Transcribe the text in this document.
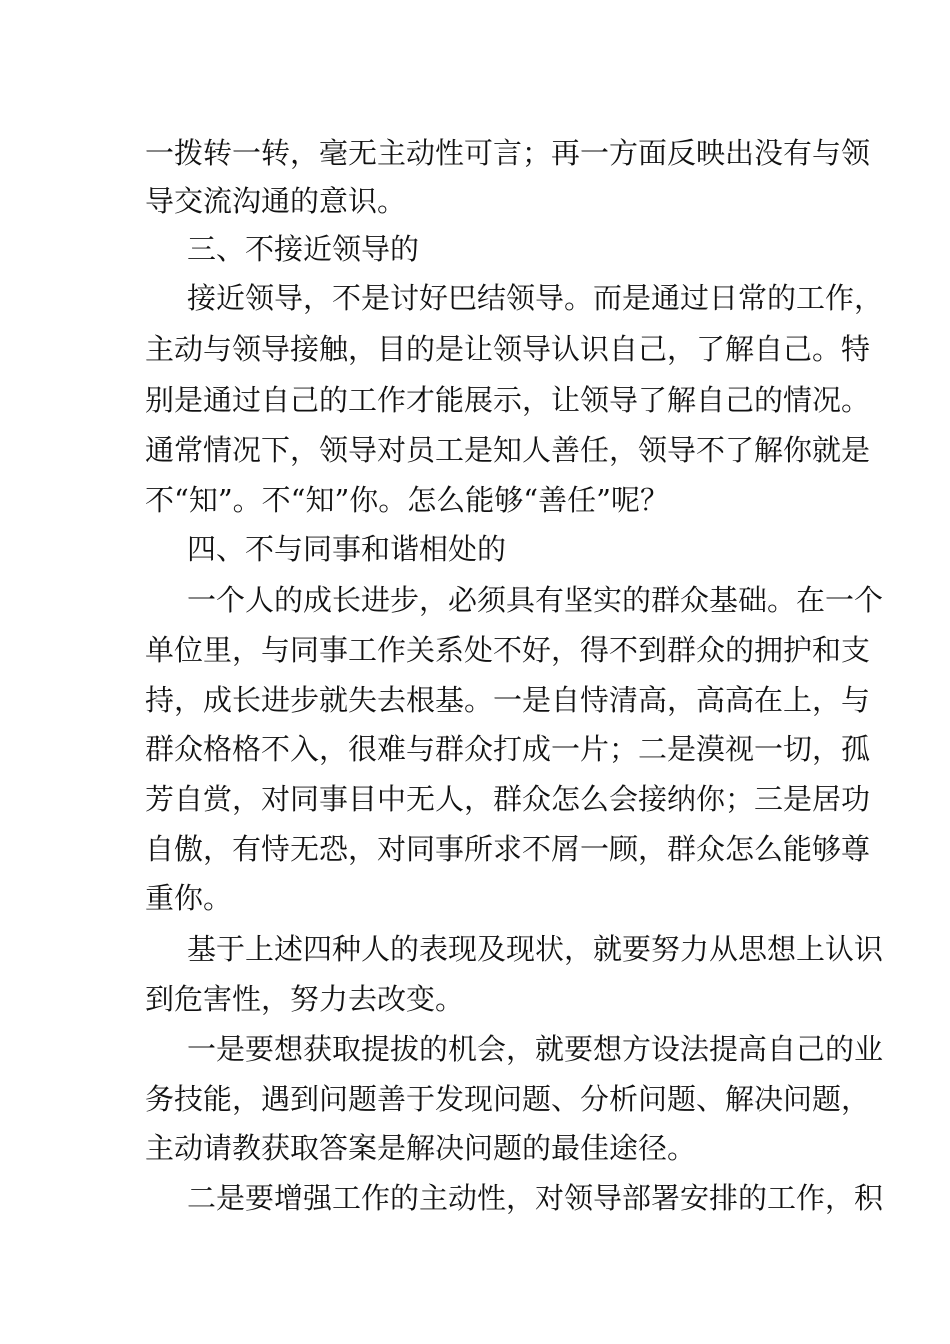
一拨转一转，毫无主动性可言；再一方面反映出没有与领
导交流沟通的意识。
三、不接近领导的
接近领导，不是讨好巴结领导。而是通过日常的工作，
主动与领导接触，目的是让领导认识自己，了解自己。特
别是通过自己的工作才能展示，让领导了解自己的情况。
通常情况下，领导对员工是知人善任，领导不了解你就是
不“知”。不“知”你。怎么能够“善任”呢？
四、不与同事和谐相处的
一个人的成长进步，必须具有坚实的群众基础。在一个
单位里，与同事工作关系处不好，得不到群众的拥护和支
持，成长进步就失去根基。一是自恃清高，高高在上，与
群众格格不入，很难与群众打成一片；二是漠视一切，孤
芳自赏，对同事目中无人，群众怎么会接纳你；三是居功
自傲，有恃无恐，对同事所求不屑一顾，群众怎么能够尊
重你。
基于上述四种人的表现及现状，就要努力从思想上认识
到危害性，努力去改变。
一是要想获取提拔的机会，就要想方设法提高自己的业
务技能，遇到问题善于发现问题、分析问题、解决问题，
主动请教获取答案是解决问题的最佳途径。
二是要增强工作的主动性，对领导部署安排的工作，积
